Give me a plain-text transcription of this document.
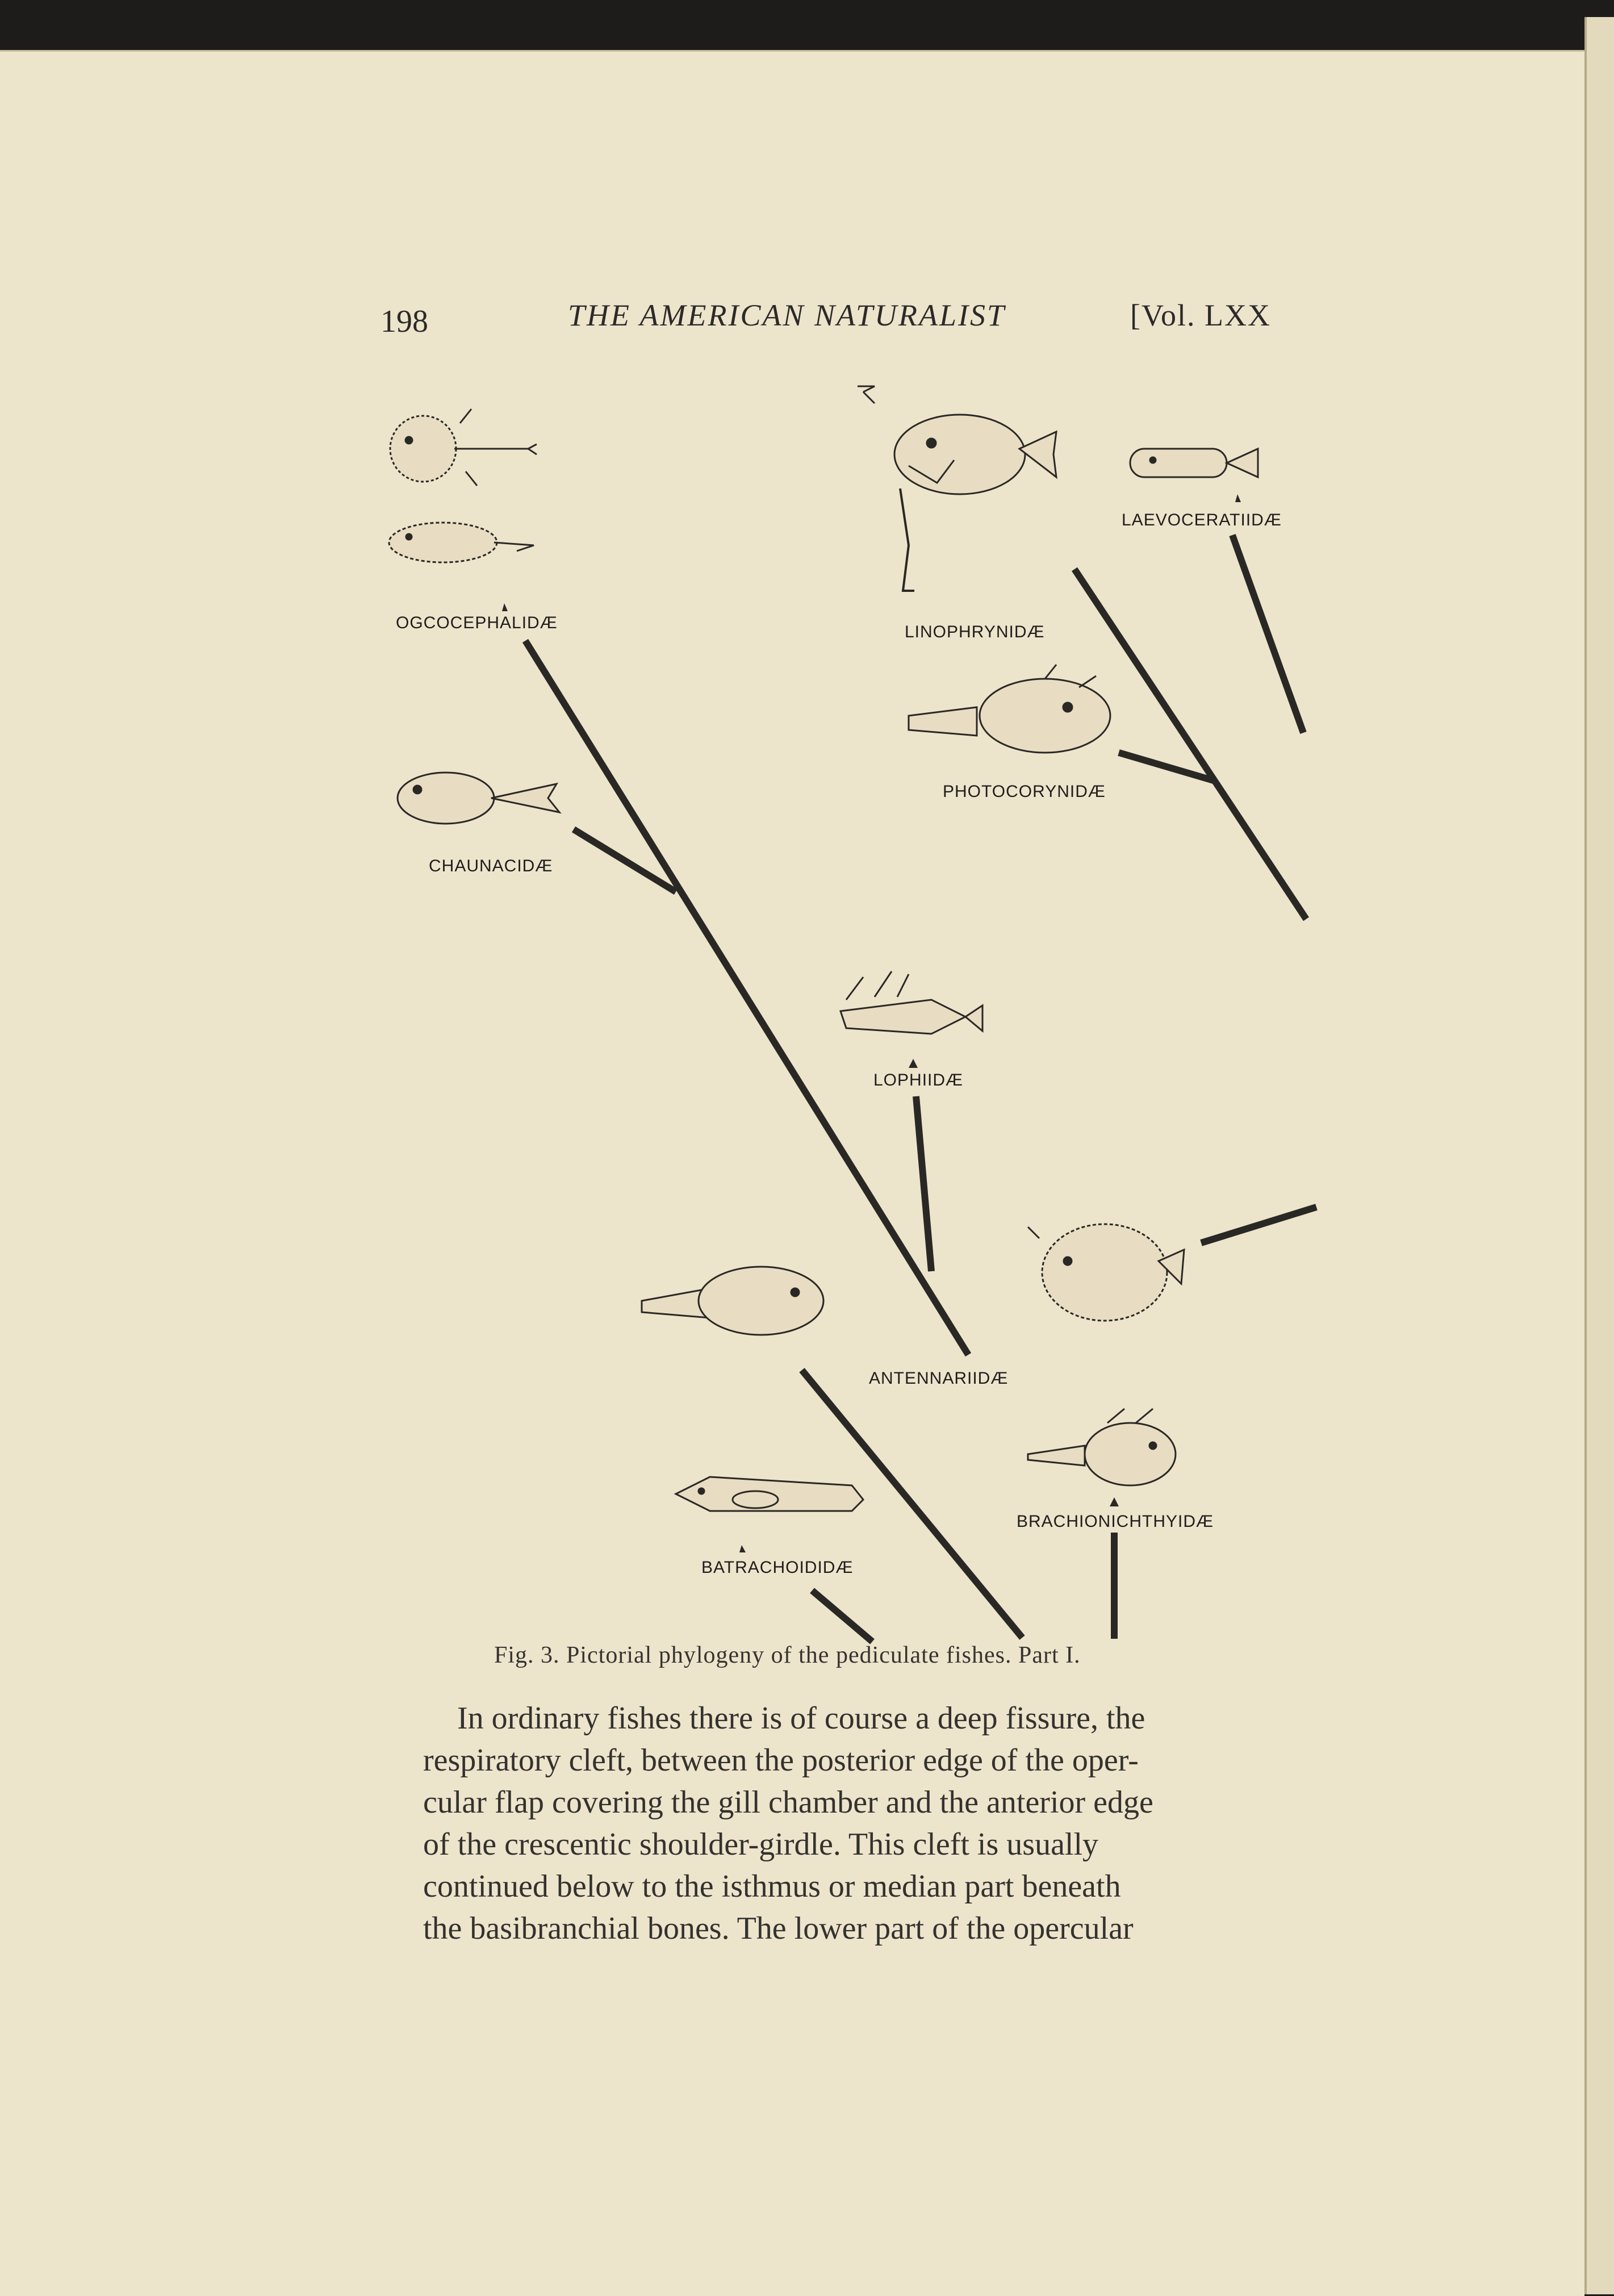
198	THE AMERICAN NATURALIST	[Vol. LXX
OGCOCEPHALIDÆ
CHAUNACIDÆ
LINOPHRYNIDÆ
LAEVOCERATIIDÆ
PHOTOCORYNIDÆ
LOPHIIDÆ
ANTENNARIIDÆ
BATRACHOIDIDÆ
BRACHIONICHTHYIDÆ
Fig. 3. Pictorial phylogeny of the pediculate fishes. Part I.
In ordinary fishes there is of course a deep fissure, the
respiratory cleft, between the posterior edge of the oper-
cular flap covering the gill chamber and the anterior edge
of the crescentic shoulder-girdle. This cleft is usually
continued below to the isthmus or median part beneath
the basibranchial bones. The lower part of the opercular
